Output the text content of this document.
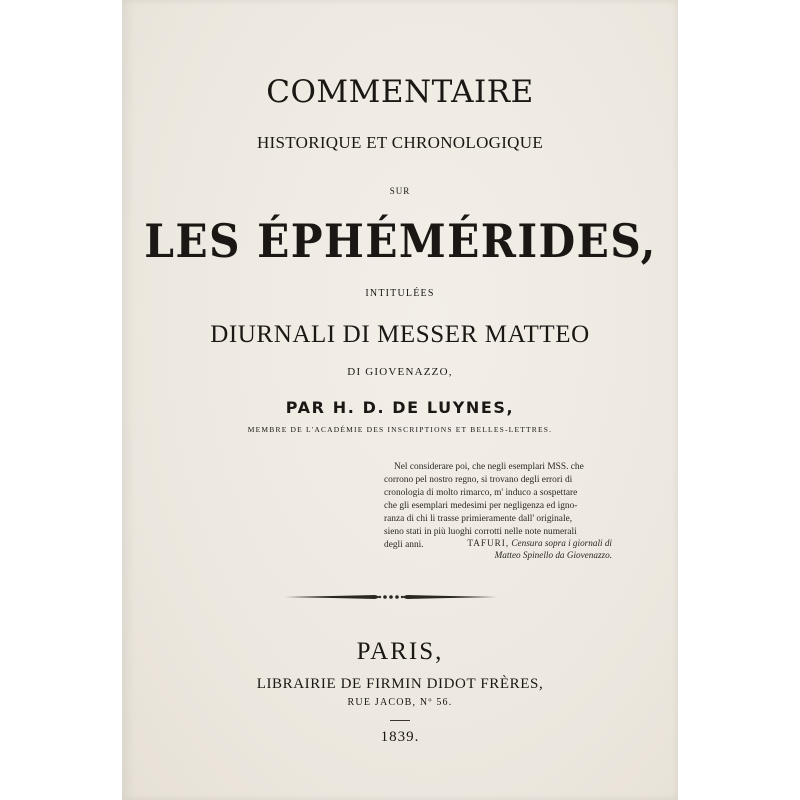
COMMENTAIRE
HISTORIQUE ET CHRONOLOGIQUE
SUR
LES ÉPHÉMÉRIDES,
INTITULÉES
DIURNALI DI MESSER MATTEO
DI GIOVENAZZO,
PAR H. D. DE LUYNES,
MEMBRE DE L'ACADÉMIE DES INSCRIPTIONS ET BELLES-LETTRES.
Nel considerare poi, che negli esemplari MSS. che
corrono pel nostro regno, si trovano degli errori di
cronologia di molto rimarco, m' induco a sospettare
che gli esemplari medesimi per negligenza ed igno-
ranza di chi li trasse primieramente dall' originale,
sieno stati in più luoghi corrotti nelle note numerali
degli anni.	TAFURI, Censura sopra i giornali di
Matteo Spinello da Giovenazzo.
PARIS,
LIBRAIRIE DE FIRMIN DIDOT FRÈRES,
RUE JACOB, Nº 56.
1839.
